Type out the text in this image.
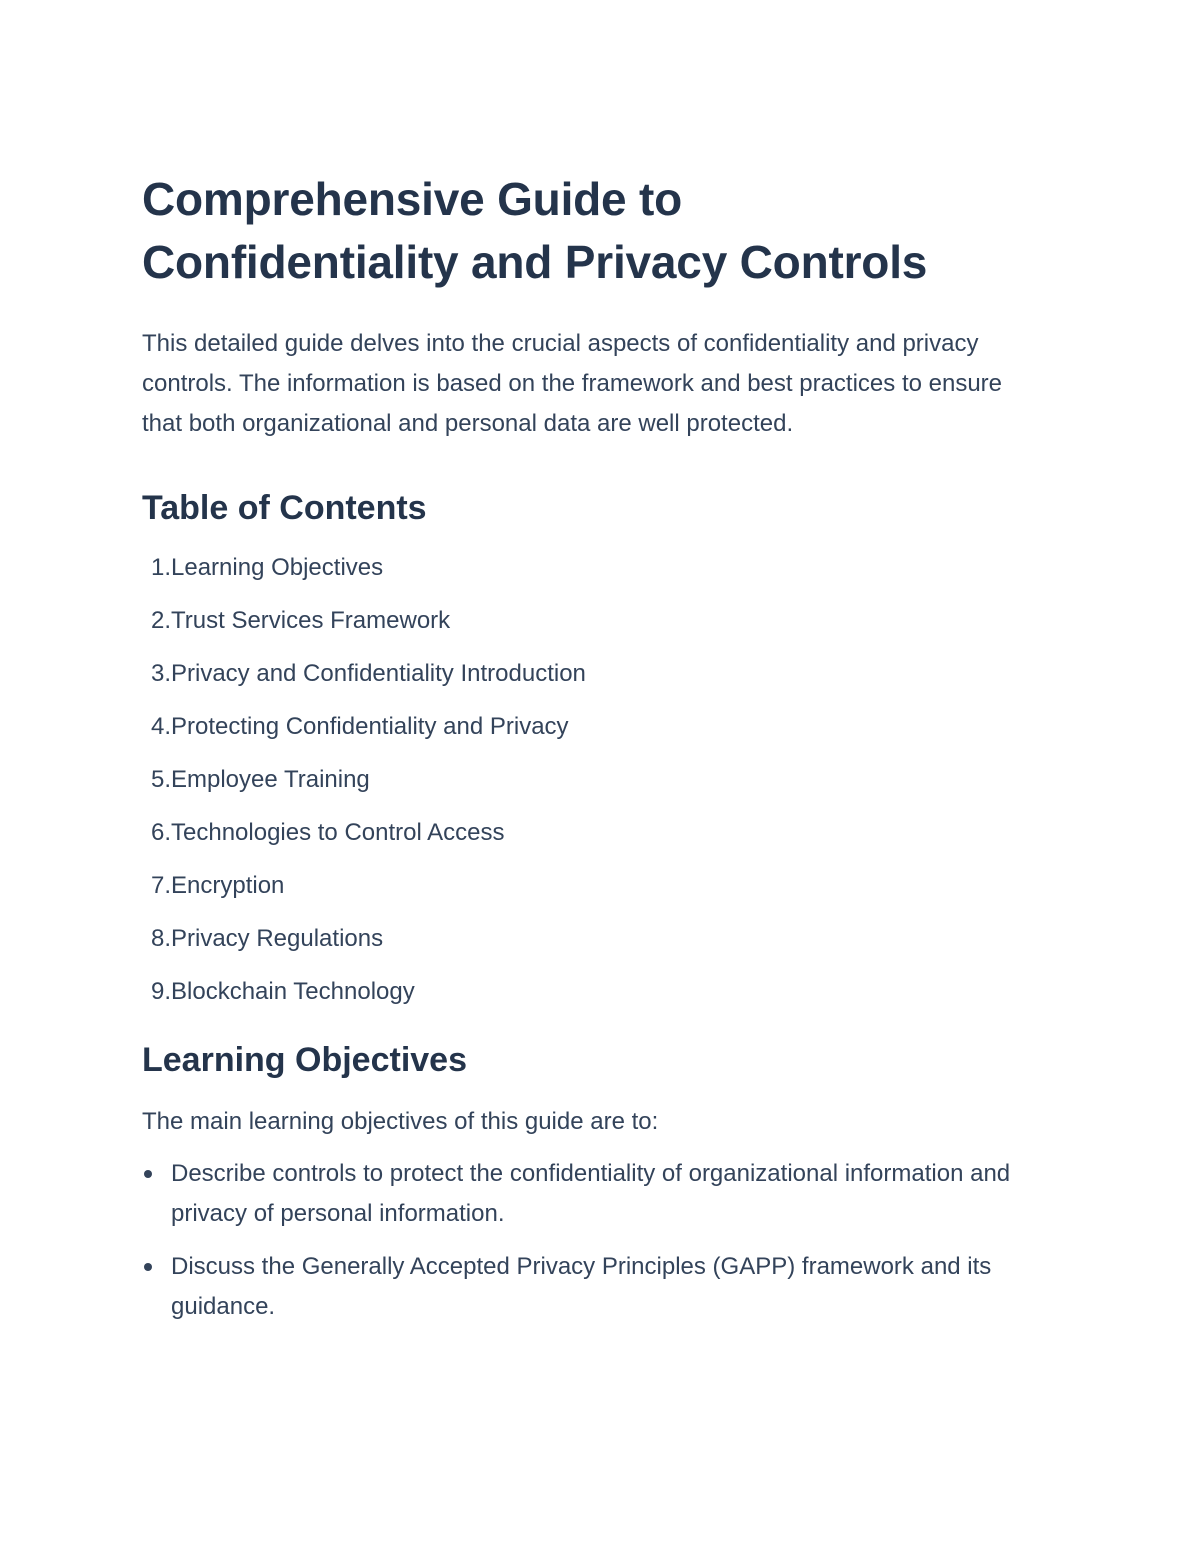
Comprehensive Guide to
Confidentiality and Privacy Controls

This detailed guide delves into the crucial aspects of confidentiality and privacy controls. The information is based on the framework and best practices to ensure that both organizational and personal data are well protected.

Table of Contents
1. Learning Objectives
2. Trust Services Framework
3. Privacy and Confidentiality Introduction
4. Protecting Confidentiality and Privacy
5. Employee Training
6. Technologies to Control Access
7. Encryption
8. Privacy Regulations
9. Blockchain Technology
Learning Objectives

The main learning objectives of this guide are to:

Describe controls to protect the confidentiality of organizational information and privacy of personal information.
Discuss the Generally Accepted Privacy Principles (GAPP) framework and its guidance.
